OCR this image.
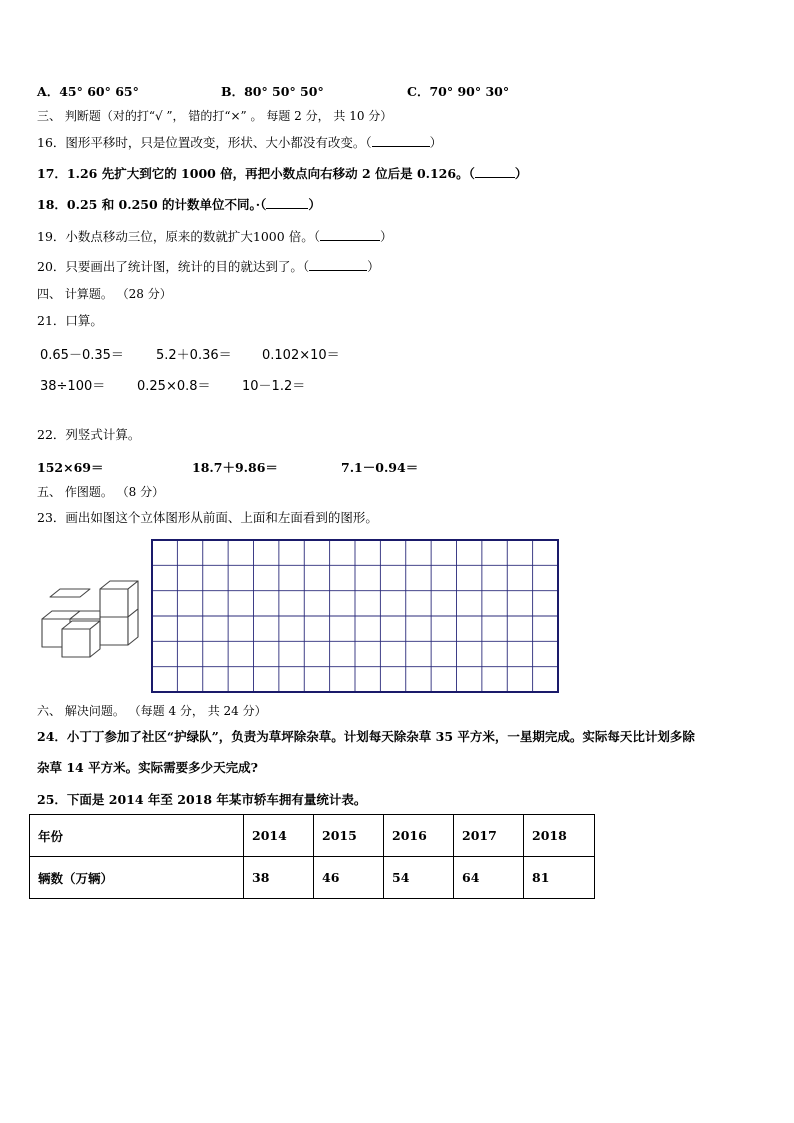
A．45° 60° 65°	B．80° 50° 50°	C．70° 90° 30°
三、 判断题（对的打“√ ”， 错的打“×” 。 每题 2 分， 共 10 分）
16．图形平移时，只是位置改变，形状、大小都没有改变。（	）
17．1.26 先扩大到它的 1000 倍，再把小数点向右移动 2 位后是 0.126。（	）
18．0.25 和 0.250 的计数单位不同。·（	）
19．小数点移动三位，原来的数就扩大1000 倍。（	）
20．只要画出了统计图，统计的目的就达到了。（	）
四、 计算题。 （28 分）
21．口算。
0.65－0.35＝ 5.2＋0.36＝ 0.102×10＝
38÷100＝ 0.25×0.8＝ 10－1.2＝
22．列竖式计算。
152×69＝	18.7＋9.86＝	7.1－0.94＝
五、 作图题。 （8 分）
23．画出如图这个立体图形从前面、上面和左面看到的图形。
六、 解决问题。 （每题 4 分， 共 24 分）
24．小丁丁参加了社区“护绿队”，负责为草坪除杂草。计划每天除杂草 35 平方米，一星期完成。实际每天比计划多除
杂草 14 平方米。实际需要多少天完成?
25．下面是 2014 年至 2018 年某市轿车拥有量统计表。
年份	2014	2015	2016	2017	2018
辆数（万辆）	38	46	54	64	81
